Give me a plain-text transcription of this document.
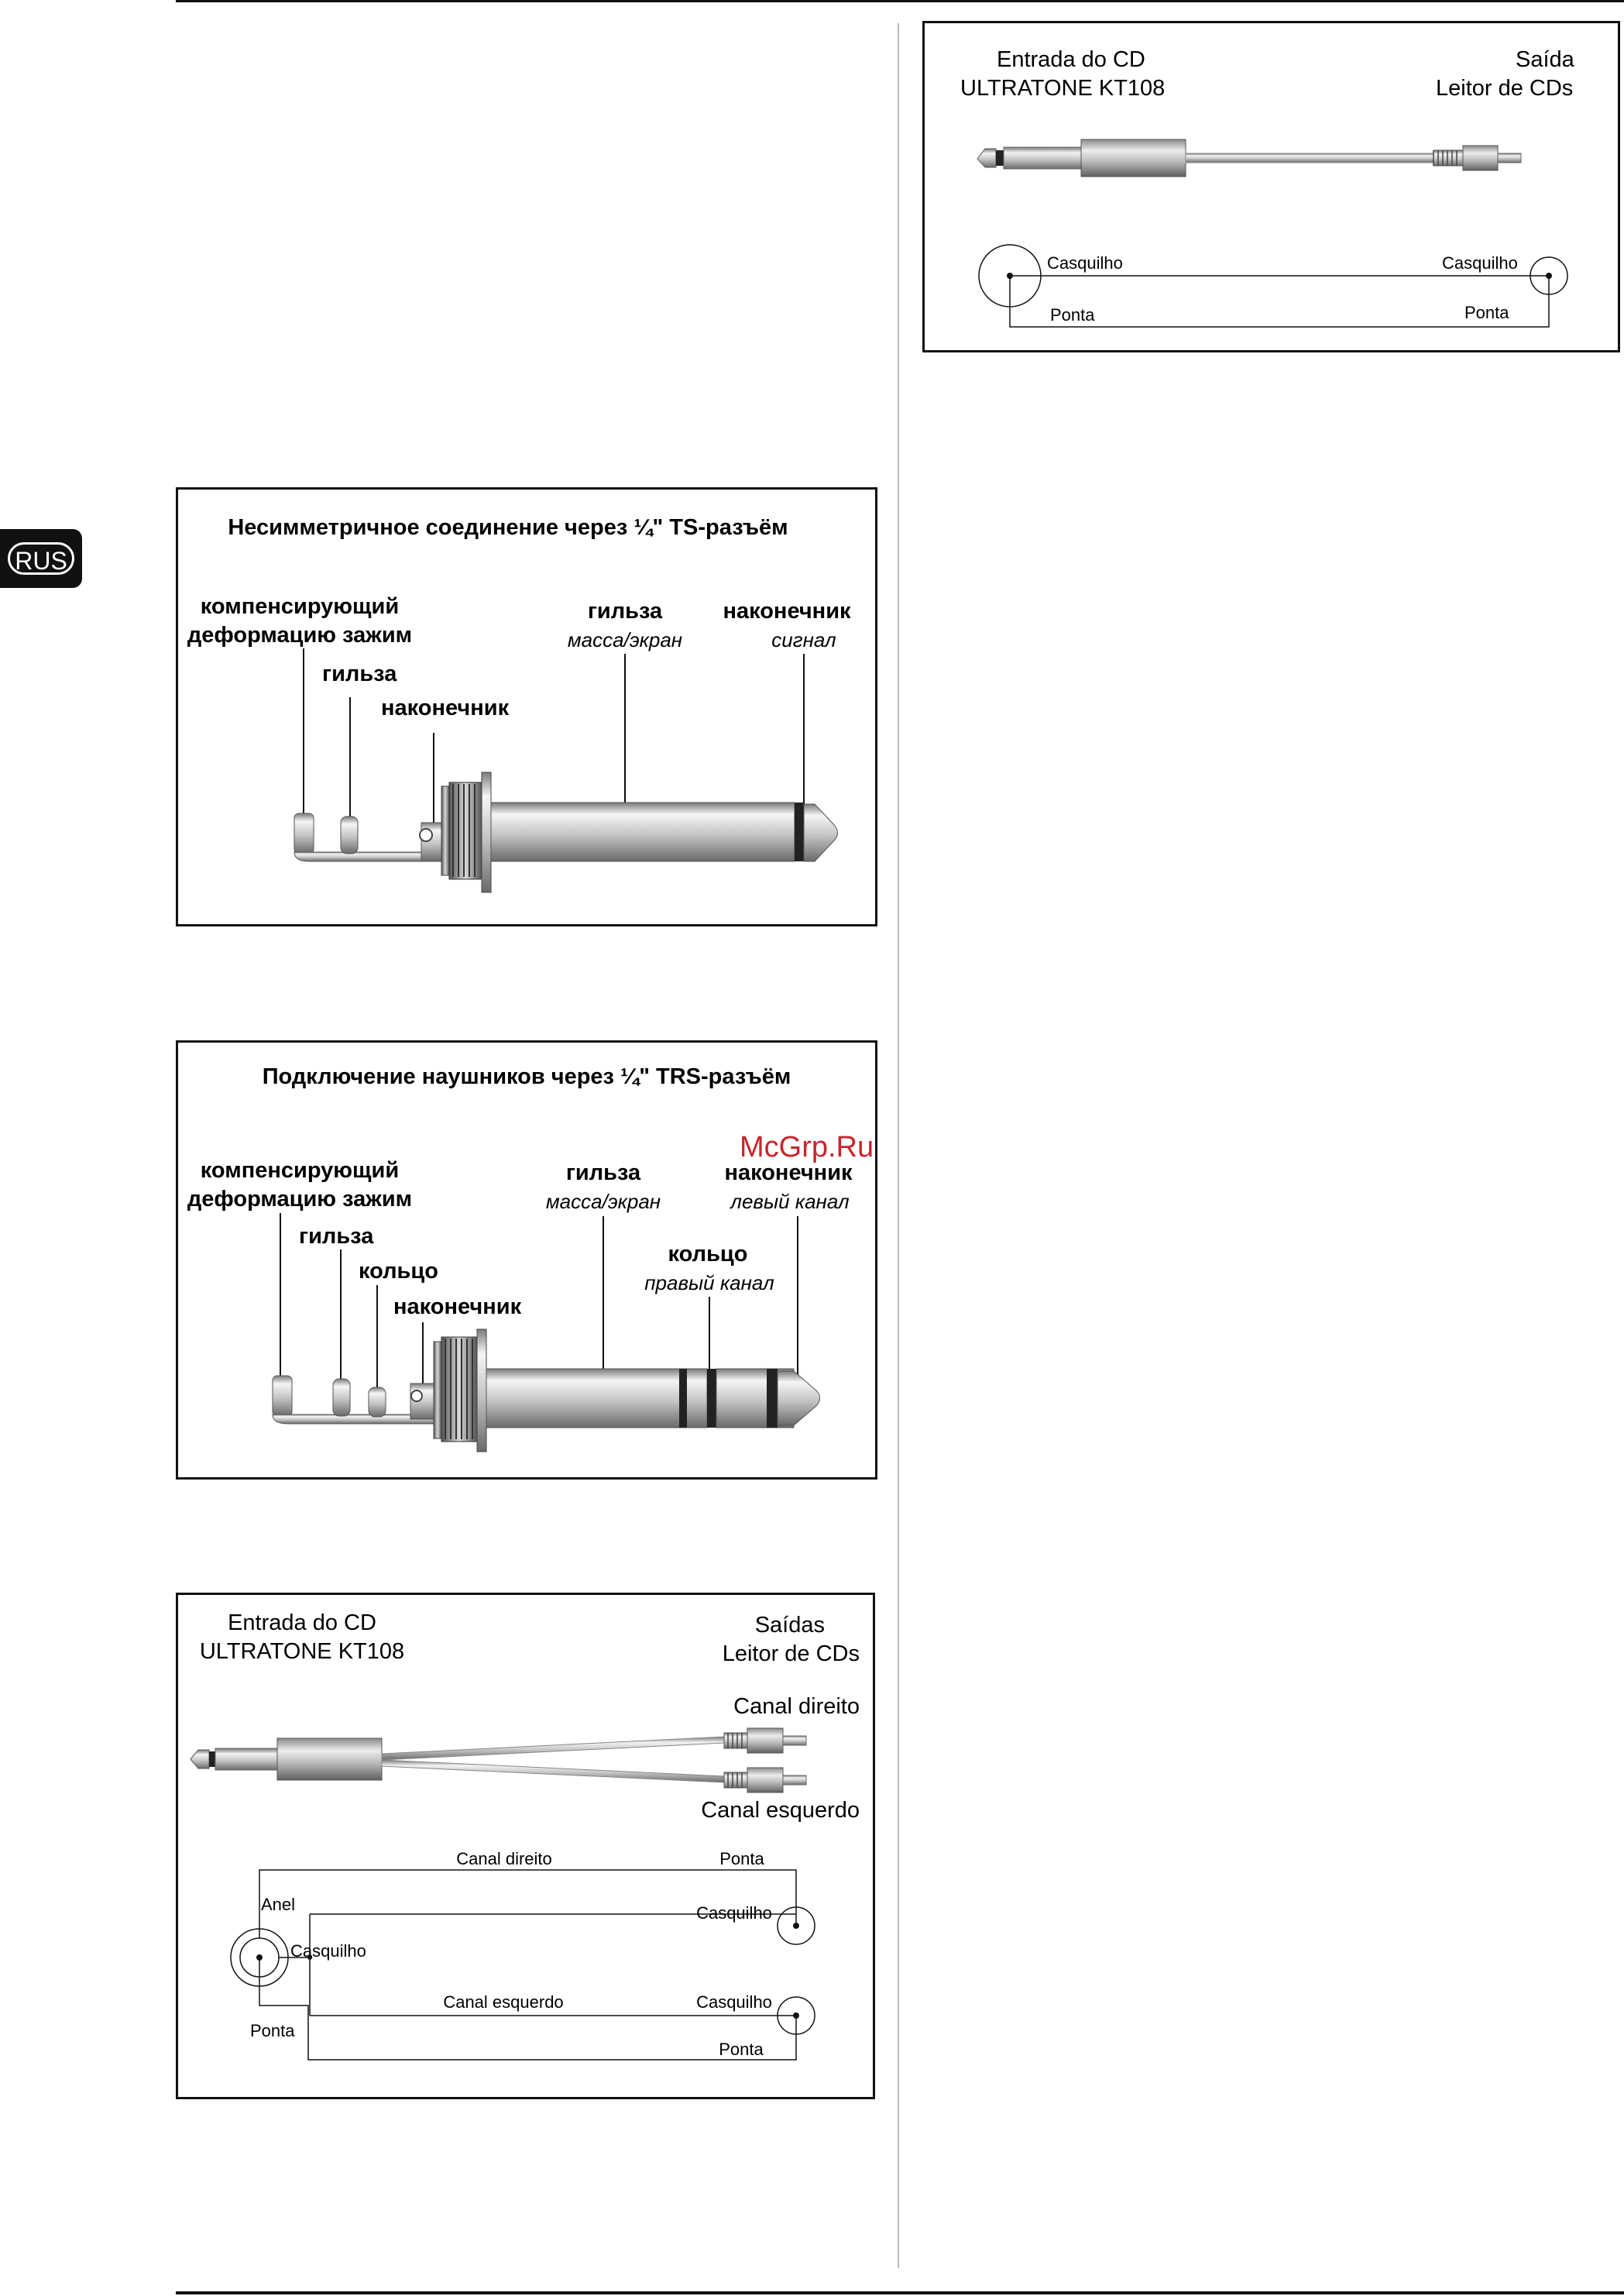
RUS
Entrada do CD
ULTRATONE KT108
Saída
Leitor de CDs
Casquilho	Casquilho
Ponta	Ponta
Несимметричное соединение через ¼" TS-разъём
компенсирующий
деформацию зажим
гильза
наконечник
гильза
масса/экран
наконечник
сигнал
Подключение наушников через ¼" TRS-разъём
компенсирующий
деформацию зажим
гильза
кольцо
наконечник
гильза
масса/экран
наконечник
левый канал
кольцо
правый канал
Entrada do CD
ULTRATONE KT108
Saídas
Leitor de CDs
Canal direito
Canal esquerdo
Anel
Casquilho
Ponta
Canal direito	Ponta
Casquilho
Canal esquerdo	Casquilho
Ponta
McGrp.Ru
